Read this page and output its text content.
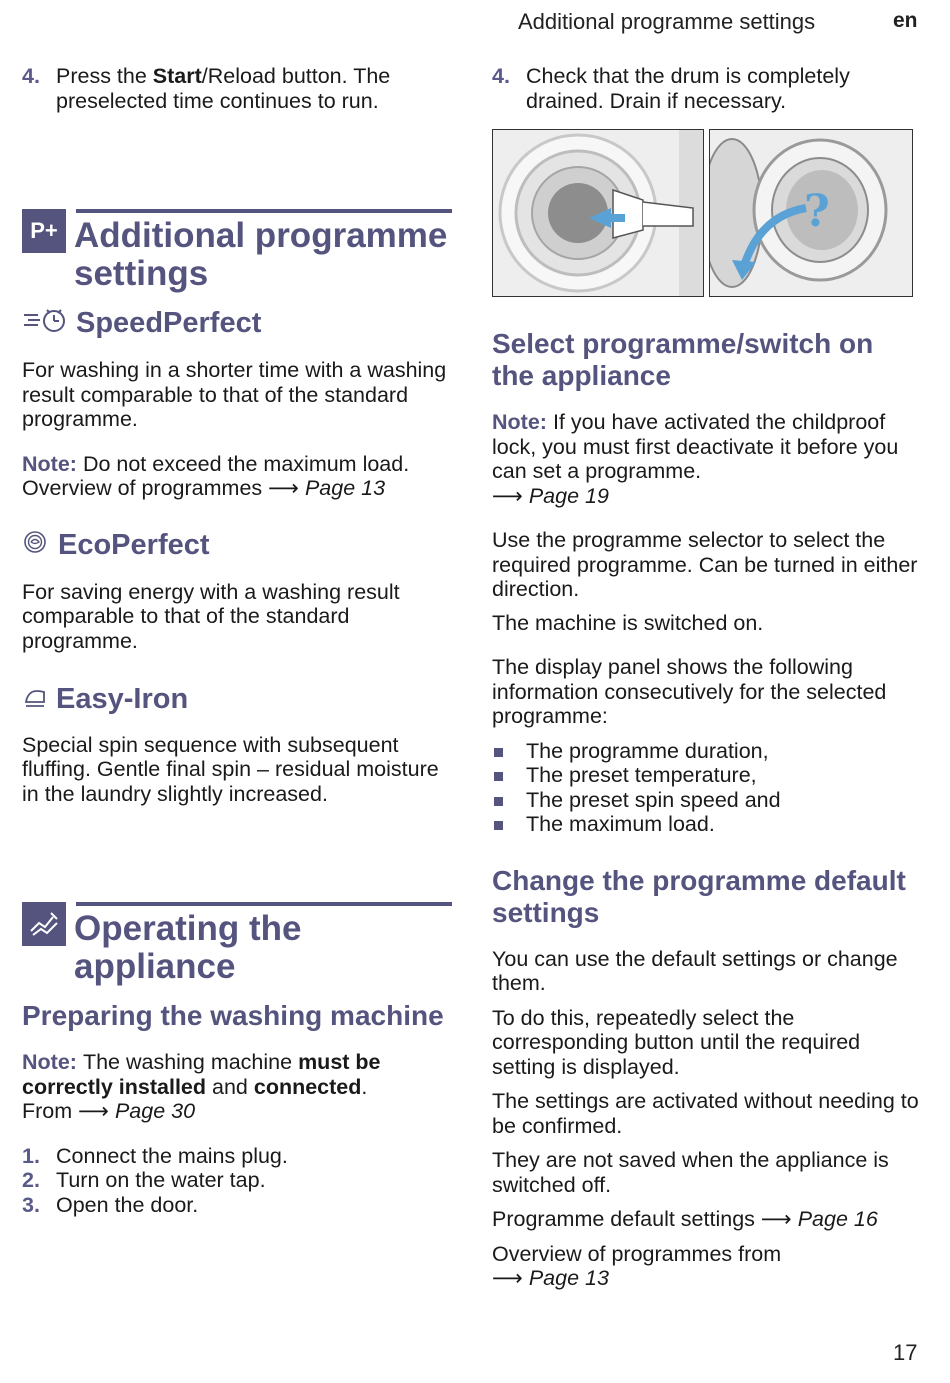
Additional programme settings	en
4. Press the Start/Reload button. The preselected time continues to run.
P+ Additional programme settings
SpeedPerfect

For washing in a shorter time with a washing result comparable to that of the standard programme.

Note: Do not exceed the maximum load.

Overview of programmes ⟶ Page 13

EcoPerfect

For saving energy with a washing result comparable to that of the standard programme.

Easy-Iron

Special spin sequence with subsequent fluffing. Gentle final spin – residual moisture in the laundry slightly increased.

Operating the appliance
Preparing the washing machine

Note: The washing machine must be correctly installed and connected.

From ⟶ Page 30

1. Connect the mains plug.
2. Turn on the water tap.
3. Open the door.
4. Check that the drum is completely drained. Drain if necessary.
?
Select programme/switch on the appliance

Note: If you have activated the childproof lock, you must first deactivate it before you can set a programme.

⟶ Page 19

Use the programme selector to select the required programme. Can be turned in either direction.

The machine is switched on.

The display panel shows the following information consecutively for the selected programme:

The programme duration,
The preset temperature,
The preset spin speed and
The maximum load.
Change the programme default settings

You can use the default settings or change them.

To do this, repeatedly select the corresponding button until the required setting is displayed.

The settings are activated without needing to be confirmed.

They are not saved when the appliance is switched off.

Programme default settings ⟶ Page 16

Overview of programmes from
⟶ Page 13

17
